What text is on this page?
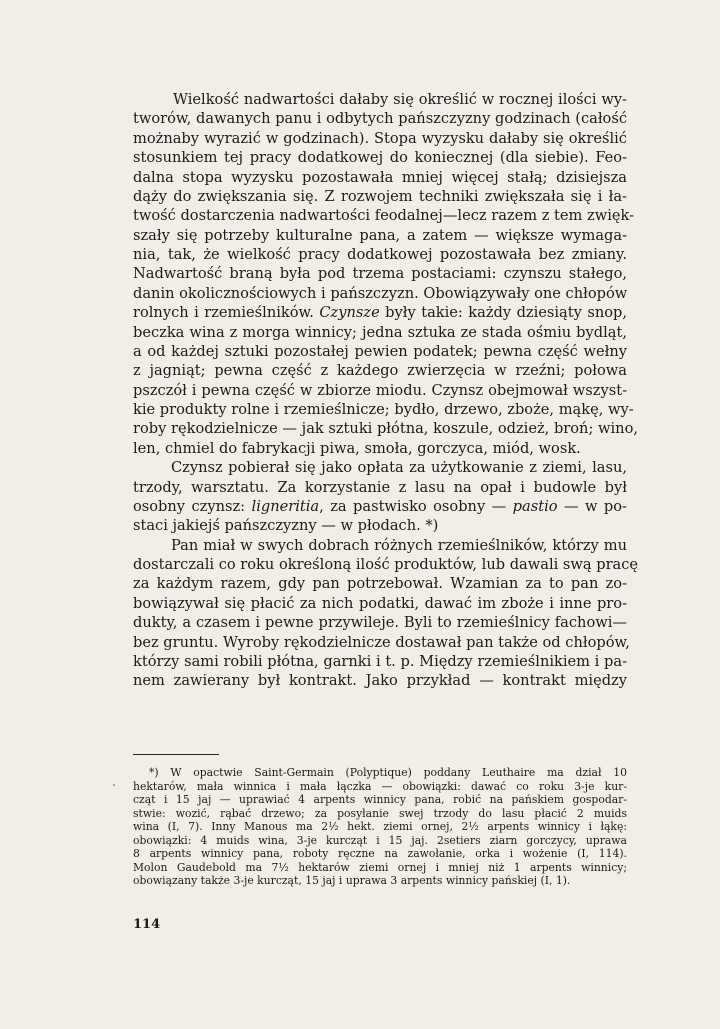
Wielkość nadwartości dałaby się określić w rocznej ilości wy-
tworów, dawanych panu i odbytych pańszczyzny godzinach (całość
możnaby wyrazić w godzinach). Stopa wyzysku dałaby się określić
stosunkiem tej pracy dodatkowej do koniecznej (dla siebie). Feo-
dalna stopa wyzysku pozostawała mniej więcej stałą; dzisiejsza
dąży do zwiększania się. Z rozwojem techniki zwiększała się i ła-
twość dostarczenia nadwartości feodalnej—lecz razem z tem zwięk-
szały się potrzeby kulturalne pana, a zatem — większe wymaga-
nia, tak, że wielkość pracy dodatkowej pozostawała bez zmiany.
Nadwartość braną była pod trzema postaciami: czynszu stałego,
danin okolicznościowych i pańszczyzn. Obowiązywały one chłopów
rolnych i rzemieślników. Czynsze były takie: każdy dziesiąty snop,
beczka wina z morga winnicy; jedna sztuka ze stada ośmiu bydląt,
a od każdej sztuki pozostałej pewien podatek; pewna część wełny
z jagniąt; pewna część z każdego zwierzęcia w rzeźni; połowa
pszczół i pewna część w zbiorze miodu. Czynsz obejmował wszyst-
kie produkty rolne i rzemieślnicze; bydło, drzewo, zboże, mąkę, wy-
roby rękodzielnicze — jak sztuki płótna, koszule, odzież, broń; wino,
len, chmiel do fabrykacji piwa, smoła, gorczyca, miód, wosk.

Czynsz pobierał się jako opłata za użytkowanie z ziemi, lasu,
trzody, warsztatu. Za korzystanie z lasu na opał i budowle był
osobny czynsz: ligneritia, za pastwisko osobny — pastio — w po-
staci jakiejś pańszczyzny — w płodach. *)

Pan miał w swych dobrach różnych rzemieślników, którzy mu
dostarczali co roku określoną ilość produktów, lub dawali swą pracę
za każdym razem, gdy pan potrzebował. Wzamian za to pan zo-
bowiązywał się płacić za nich podatki, dawać im zboże i inne pro-
dukty, a czasem i pewne przywileje. Byli to rzemieślnicy fachowi—
bez gruntu. Wyroby rękodzielnicze dostawał pan także od chłopów,
którzy sami robili płótna, garnki i t. p. Między rzemieślnikiem i pa-
nem zawierany był kontrakt. Jako przykład — kontrakt między

`
*) W opactwie Saint-Germain (Polyptique) poddany Leuthaire ma dział 10
hektarów, mała winnica i mała łączka — obowiązki: dawać co roku 3-je kur-
cząt i 15 jaj — uprawiać 4 arpents winnicy pana, robić na pańskiem gospodar-
stwie: wozić, rąbać drzewo; za posyłanie swej trzody do lasu płacić 2 muids
wina (I, 7). Inny Manous ma 2½ hekt. ziemi ornej, 2½ arpents winnicy i łąkę:
obowiązki: 4 muids wina, 3-je kurcząt i 15 jaj. 2setiers ziarn gorczycy, uprawa
8 arpents winnicy pana, roboty ręczne na zawołanie, orka i wożenie (I, 114).
Molon Gaudebold ma 7½ hektarów ziemi ornej i mniej niż 1 arpents winnicy;
obowiązany także 3-je kurcząt, 15 jaj i uprawa 3 arpents winnicy pańskiej (I, 1).
114
